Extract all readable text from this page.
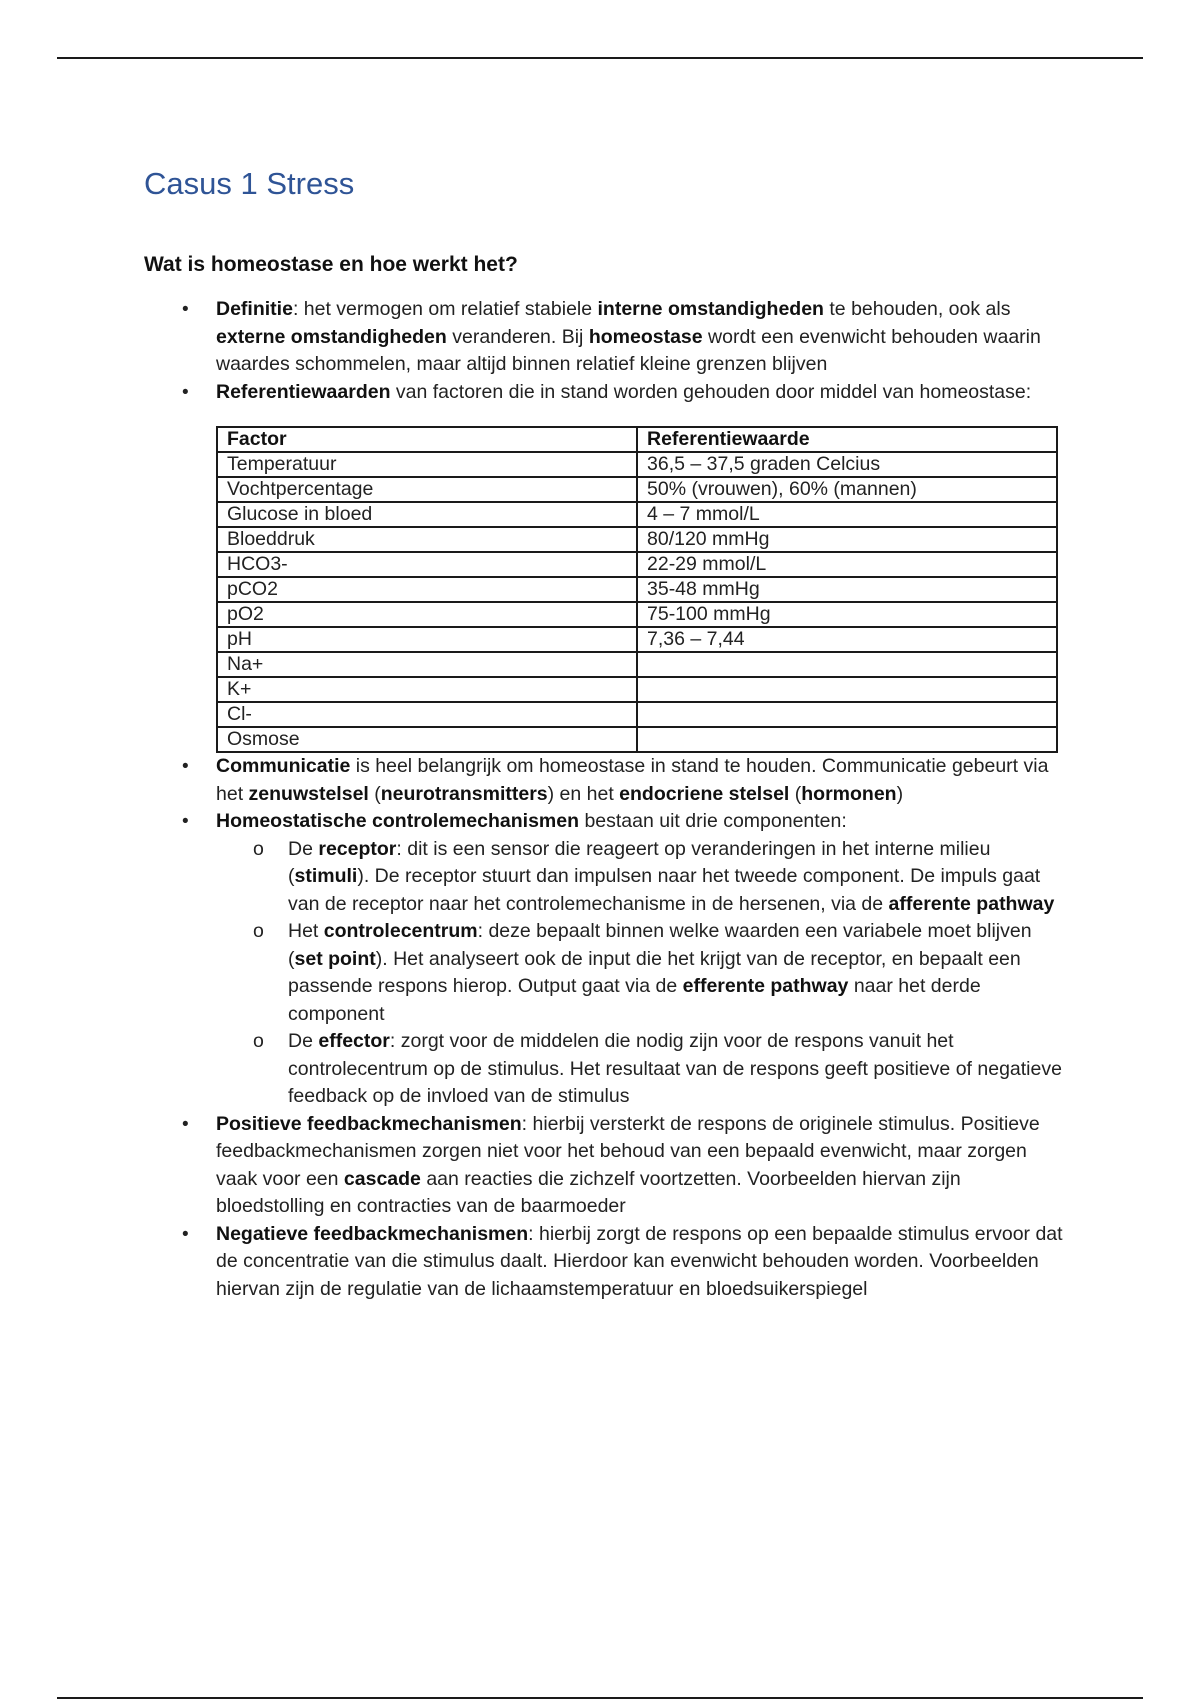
Casus 1 Stress
Wat is homeostase en hoe werkt het?
• Definitie: het vermogen om relatief stabiele interne omstandigheden te behouden, ook als externe omstandigheden veranderen. Bij homeostase wordt een evenwicht behouden waarin waardes schommelen, maar altijd binnen relatief kleine grenzen blijven
• Referentiewaarden van factoren die in stand worden gehouden door middel van homeostase:
Factor	Referentiewaarde
Temperatuur	36,5 – 37,5 graden Celcius
Vochtpercentage	50% (vrouwen), 60% (mannen)
Glucose in bloed	4 – 7 mmol/L
Bloeddruk	80/120 mmHg
HCO3-	22-29 mmol/L
pCO2	35-48 mmHg
pO2	75-100 mmHg
pH	7,36 – 7,44
Na+	
K+	
Cl-	
Osmose	
• Communicatie is heel belangrijk om homeostase in stand te houden. Communicatie gebeurt via het zenuwstelsel (neurotransmitters) en het endocriene stelsel (hormonen)
• Homeostatische controlemechanismen bestaan uit drie componenten:
o De receptor: dit is een sensor die reageert op veranderingen in het interne milieu (stimuli). De receptor stuurt dan impulsen naar het tweede component. De impuls gaat van de receptor naar het controlemechanisme in de hersenen, via de afferente pathway
o Het controlecentrum: deze bepaalt binnen welke waarden een variabele moet blijven (set point). Het analyseert ook de input die het krijgt van de receptor, en bepaalt een passende respons hierop. Output gaat via de efferente pathway naar het derde component
o De effector: zorgt voor de middelen die nodig zijn voor de respons vanuit het controlecentrum op de stimulus. Het resultaat van de respons geeft positieve of negatieve feedback op de invloed van de stimulus
• Positieve feedbackmechanismen: hierbij versterkt de respons de originele stimulus. Positieve feedbackmechanismen zorgen niet voor het behoud van een bepaald evenwicht, maar zorgen vaak voor een cascade aan reacties die zichzelf voortzetten. Voorbeelden hiervan zijn bloedstolling en contracties van de baarmoeder
• Negatieve feedbackmechanismen: hierbij zorgt de respons op een bepaalde stimulus ervoor dat de concentratie van die stimulus daalt. Hierdoor kan evenwicht behouden worden. Voorbeelden hiervan zijn de regulatie van de lichaamstemperatuur en bloedsuikerspiegel
